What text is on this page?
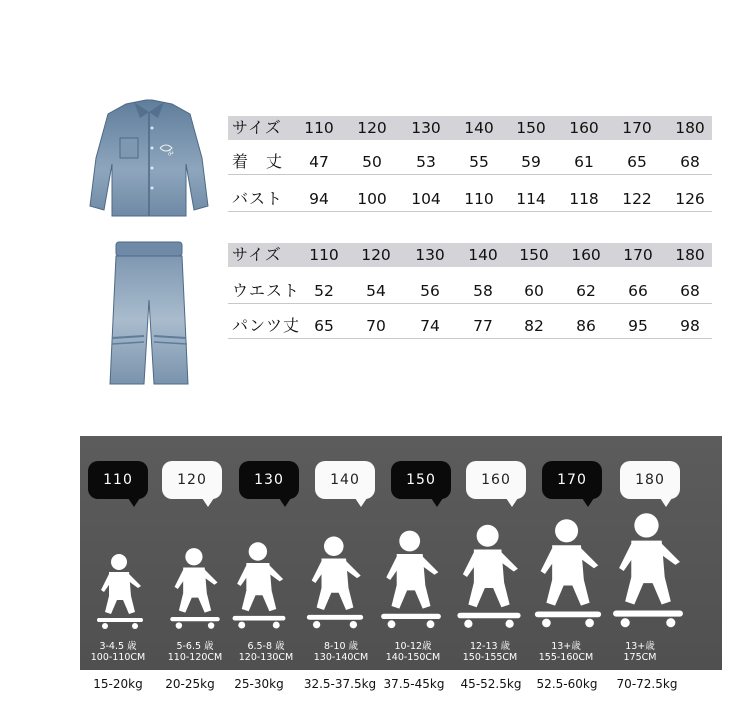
ᵹ𝓈
サイズ	110	120	130	140	150	160	170	180
着　丈	47	50	53	55	59	61	65	68
バスト	94	100	104	110	114	118	122	126
サイズ	110	120	130	140	150	160	170	180
ウエスト 52	54	56	58	60	62	66	68
パンツ丈 65	70	74	77	82	86	95	98
110	120	130	140	150	160	170	180
3-4.5 歳
100-110CM
5-6.5 歳
110-120CM
6.5-8 歳
120-130CM
8-10 歳
130-140CM
10-12歳
140-150CM
12-13 歳
150-155CM
13+歳
155-160CM
13+歳
175CM
15-20kg	20-25kg	25-30kg	32.5-37.5kg 37.5-45kg	45-52.5kg	52.5-60kg	70-72.5kg
